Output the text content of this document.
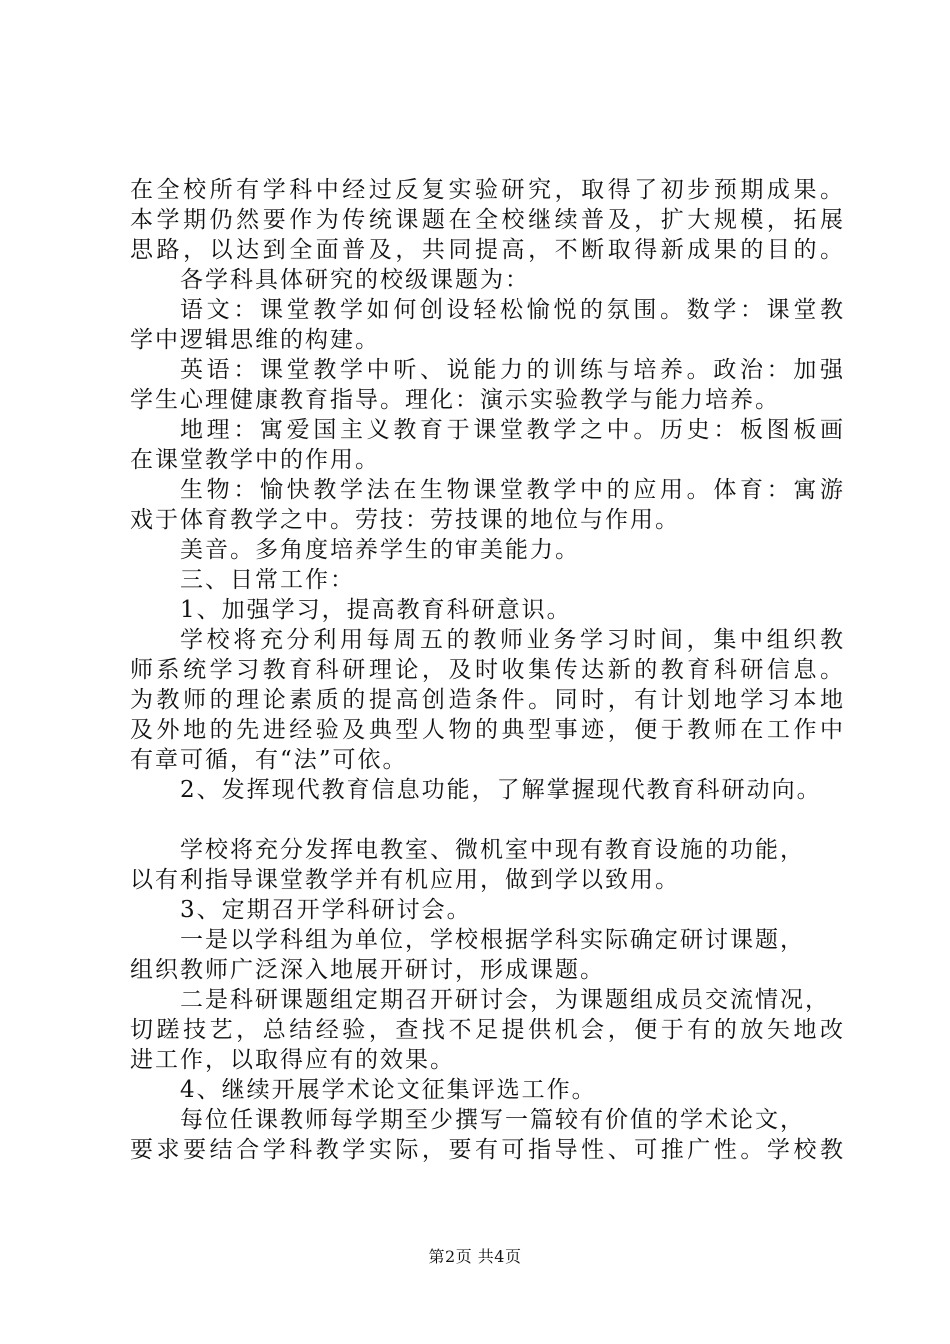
在全校所有学科中经过反复实验研究，取得了初步预期成果。
本学期仍然要作为传统课题在全校继续普及，扩大规模，拓展
思路，以达到全面普及，共同提高，不断取得新成果的目的。
各学科具体研究的校级课题为：
语文：课堂教学如何创设轻松愉悦的氛围。数学：课堂教
学中逻辑思维的构建。
英语：课堂教学中听、说能力的训练与培养。政治：加强
学生心理健康教育指导。理化：演示实验教学与能力培养。
地理：寓爱国主义教育于课堂教学之中。历史：板图板画
在课堂教学中的作用。
生物：愉快教学法在生物课堂教学中的应用。体育：寓游
戏于体育教学之中。劳技：劳技课的地位与作用。
美音。多角度培养学生的审美能力。
三、日常工作：
1、加强学习，提高教育科研意识。
学校将充分利用每周五的教师业务学习时间，集中组织教
师系统学习教育科研理论，及时收集传达新的教育科研信息。
为教师的理论素质的提高创造条件。同时，有计划地学习本地
及外地的先进经验及典型人物的典型事迹，便于教师在工作中
有章可循，有“法”可依。
2、发挥现代教育信息功能，了解掌握现代教育科研动向。
学校将充分发挥电教室、微机室中现有教育设施的功能，
以有利指导课堂教学并有机应用，做到学以致用。
3、定期召开学科研讨会。
一是以学科组为单位，学校根据学科实际确定研讨课题，
组织教师广泛深入地展开研讨，形成课题。
二是科研课题组定期召开研讨会，为课题组成员交流情况，
切蹉技艺，总结经验，查找不足提供机会，便于有的放矢地改
进工作，以取得应有的效果。
4、继续开展学术论文征集评选工作。
每位任课教师每学期至少撰写一篇较有价值的学术论文，
要求要结合学科教学实际，要有可指导性、可推广性。学校教
第2页 共4页
